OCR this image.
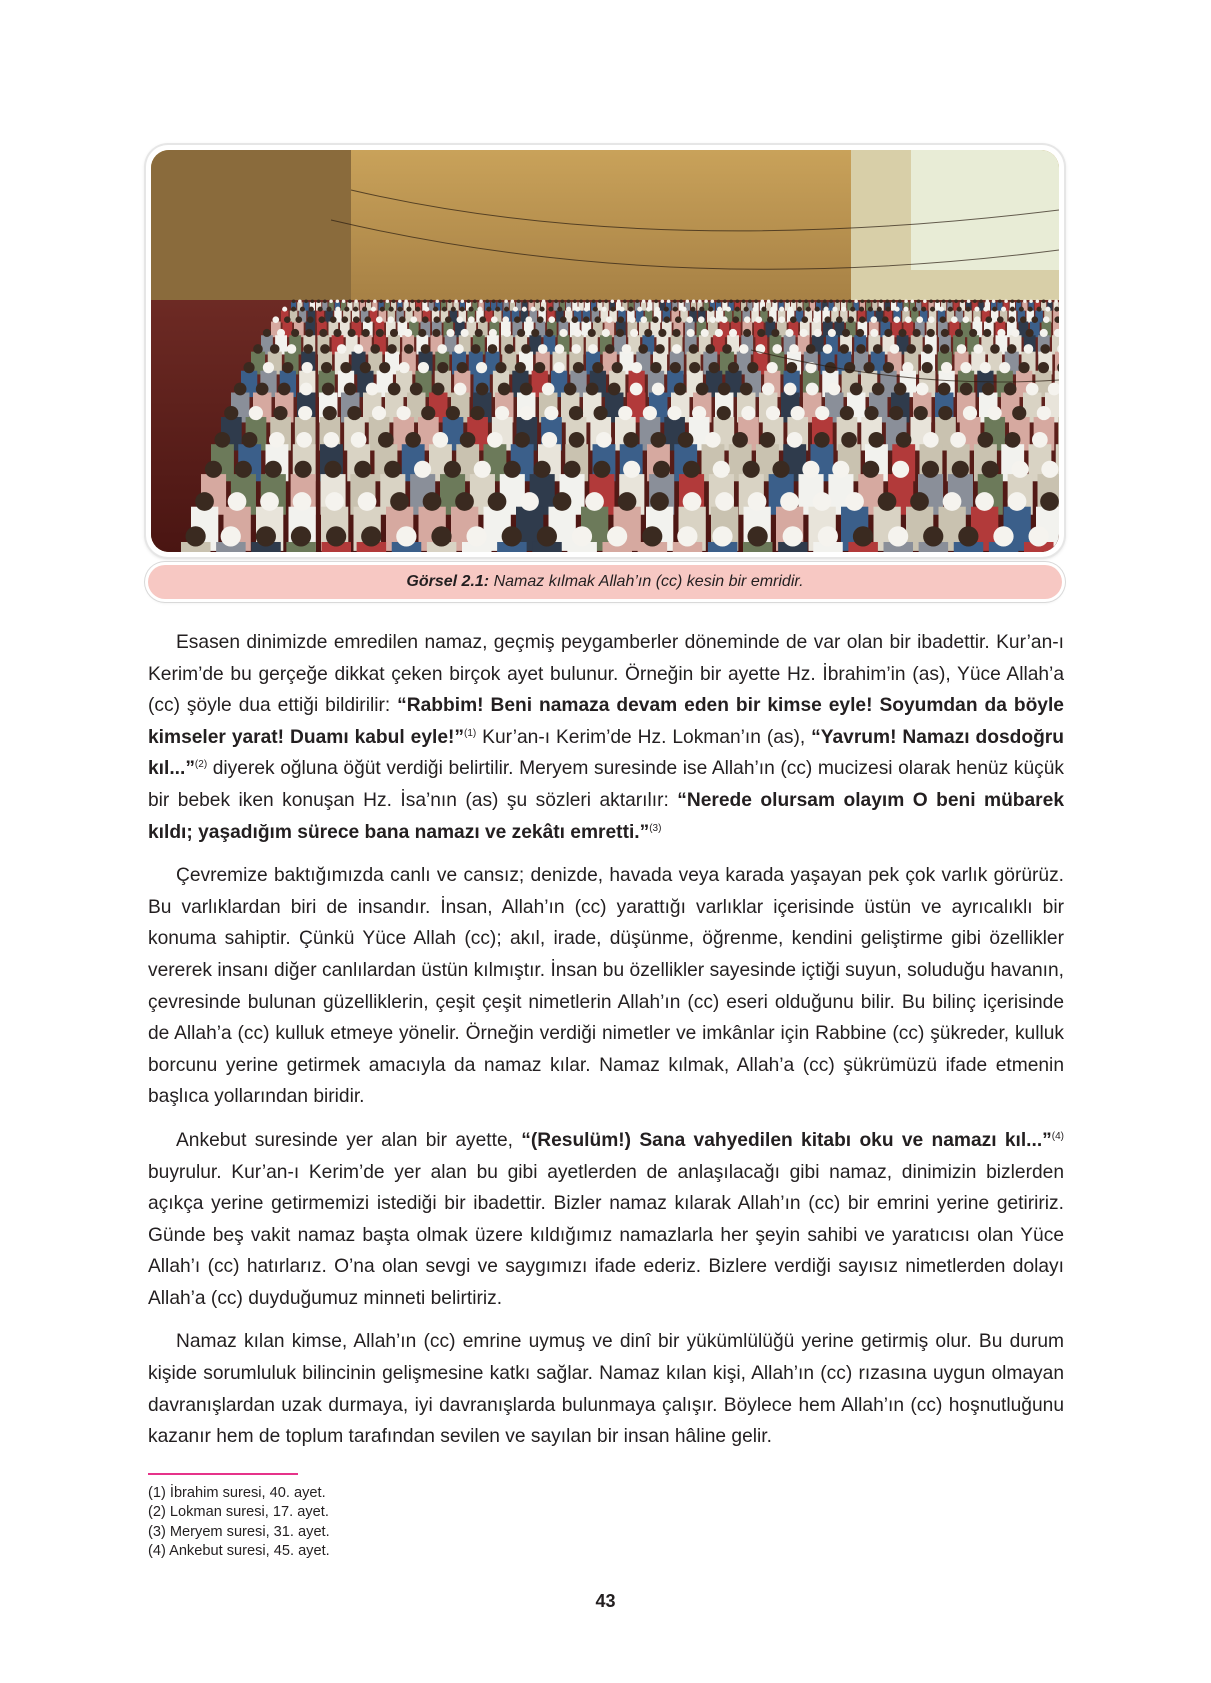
Görsel 2.1: Namaz kılmak Allah’ın (cc) kesin bir emridir.

Esasen dinimizde emredilen namaz, geçmiş peygamberler döneminde de var olan bir ibadettir. Kur’an-ı Kerim’de bu gerçeğe dikkat çeken birçok ayet bulunur. Örneğin bir ayette Hz. İbrahim’in (as), Yüce Allah’a (cc) şöyle dua ettiği bildirilir: “Rabbim! Beni namaza devam eden bir kimse eyle! Soyumdan da böyle kimseler yarat! Duamı kabul eyle!”$^{(1)}$ Kur’an-ı Kerim’de Hz. Lokman’ın (as), “Yavrum! Namazı dosdoğru kıl...”$^{(2)}$ diyerek oğluna öğüt verdiği belirtilir. Meryem suresinde ise Allah’ın (cc) mucizesi olarak henüz küçük bir bebek iken konuşan Hz. İsa’nın (as) şu sözleri aktarılır: “Nerede olursam olayım O beni mübarek kıldı; yaşadığım sürece bana namazı ve zekâtı emretti.”$^{(3)}$

Çevremize baktığımızda canlı ve cansız; denizde, havada veya karada yaşayan pek çok varlık görürüz. Bu varlıklardan biri de insandır. İnsan, Allah’ın (cc) yarattığı varlıklar içerisinde üstün ve ayrıcalıklı bir konuma sahiptir. Çünkü Yüce Allah (cc); akıl, irade, düşünme, öğrenme, kendini geliştirme gibi özellikler vererek insanı diğer canlılardan üstün kılmıştır. İnsan bu özellikler sayesinde içtiği suyun, soluduğu havanın, çevresinde bulunan güzelliklerin, çeşit çeşit nimetlerin Allah’ın (cc) eseri olduğunu bilir. Bu bilinç içerisinde de Allah’a (cc) kulluk etmeye yönelir. Örneğin verdiği nimetler ve imkânlar için Rabbine (cc) şükreder, kulluk borcunu yerine getirmek amacıyla da namaz kılar. Namaz kılmak, Allah’a (cc) şükrümüzü ifade etmenin başlıca yollarından biridir.

Ankebut suresinde yer alan bir ayette, “(Resulüm!) Sana vahyedilen kitabı oku ve namazı kıl...”$^{(4)}$ buyrulur. Kur’an-ı Kerim’de yer alan bu gibi ayetlerden de anlaşılacağı gibi namaz, dinimizin bizlerden açıkça yerine getirmemizi istediği bir ibadettir. Bizler namaz kılarak Allah’ın (cc) bir emrini yerine getiririz. Günde beş vakit namaz başta olmak üzere kıldığımız namazlarla her şeyin sahibi ve yaratıcısı olan Yüce Allah’ı (cc) hatırlarız. O’na olan sevgi ve saygımızı ifade ederiz. Bizlere verdiği sayısız nimetlerden dolayı Allah’a (cc) duyduğumuz minneti belirtiriz.

Namaz kılan kimse, Allah’ın (cc) emrine uymuş ve dinî bir yükümlülüğü yerine getirmiş olur. Bu durum kişide sorumluluk bilincinin gelişmesine katkı sağlar. Namaz kılan kişi, Allah’ın (cc) rızasına uygun olmayan davranışlardan uzak durmaya, iyi davranışlarda bulunmaya çalışır. Böylece hem Allah’ın (cc) hoşnutluğunu kazanır hem de toplum tarafından sevilen ve sayılan bir insan hâline gelir.

(1) İbrahim suresi, 40. ayet.
(2) Lokman suresi, 17. ayet.
(3) Meryem suresi, 31. ayet.
(4) Ankebut suresi, 45. ayet.
43
